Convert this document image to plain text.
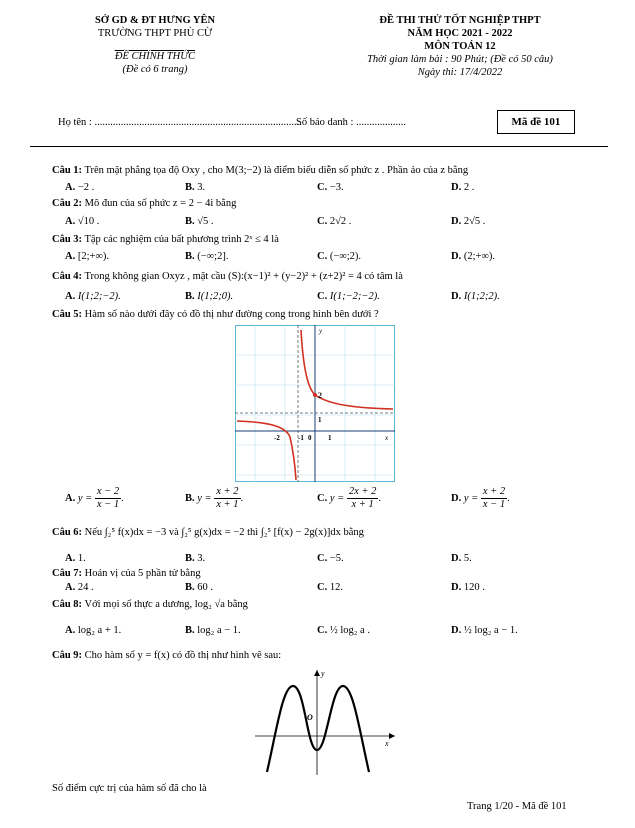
SỞ GD & ĐT HƯNG YÊN
TRƯỜNG THPT PHÙ CỪ
ĐỀ CHÍNH THỨC
(Đề có 6 trang)
ĐỀ THI THỬ TỐT NGHIỆP THPT
NĂM HỌC 2021 - 2022
MÔN TOÁN 12
Thời gian làm bài : 90 Phút; (Đề có 50 câu)
Ngày thi: 17/4/2022
Họ tên : ...............................................................................
Số báo danh : ...................	Mã đề 101
Câu 1: Trên mặt phẳng tọa độ Oxy , cho M(3;−2) là điểm biểu diễn số phức z . Phần ảo của z bằng
A. −2 .	B. 3.	C. −3.	D. 2 .
Câu 2: Mô đun của số phức z = 2 − 4i bằng
A. √10 .	B. √5 .	C. 2√2 .	D. 2√5 .
Câu 3: Tập các nghiệm của bất phương trình 2ˣ ≤ 4 là
A. [2;+∞).	B. (−∞;2].	C. (−∞;2).	D. (2;+∞).
Câu 4: Trong không gian Oxyz , mặt cầu (S):(x−1)² + (y−2)² + (z+2)² = 4 có tâm là
A. I(1;2;−2).	B. I(1;2;0).	C. I(1;−2;−2).	D. I(1;2;2).
Câu 5: Hàm số nào dưới đây có đồ thị như đường cong trong hình bên dưới ?
2
1
-2	-1 0 1	x
y
A. $y = \frac{x - 2}{x - 1}$ .	B. $y = \frac{x + 2}{x + 1}$ .	C. $y = \frac{2x + 2}{x + 1}$ .	D. $y = \frac{x + 2}{x - 1}$ .
Câu 6: Nếu ∫₂⁵ f(x)dx = −3 và ∫₂⁵ g(x)dx = −2 thì ∫₂⁵ [f(x) − 2g(x)]dx bằng
A. 1.	B. 3.	C. −5.	D. 5.
Câu 7: Hoán vị của 5 phần tử bằng
A. 24 .	B. 60 .	C. 12.	D. 120 .
Câu 8: Với mọi số thực a dương, log₂ √a bằng
A. log₂ a + 1.	B. log₂ a − 1.	C. ½ log₂ a .	D. ½ log₂ a − 1.
Câu 9: Cho hàm số y = f(x) có đồ thị như hình vẽ sau:
O
x
y
Số điểm cực trị của hàm số đã cho là
Trang 1/20 - Mã đề 101
